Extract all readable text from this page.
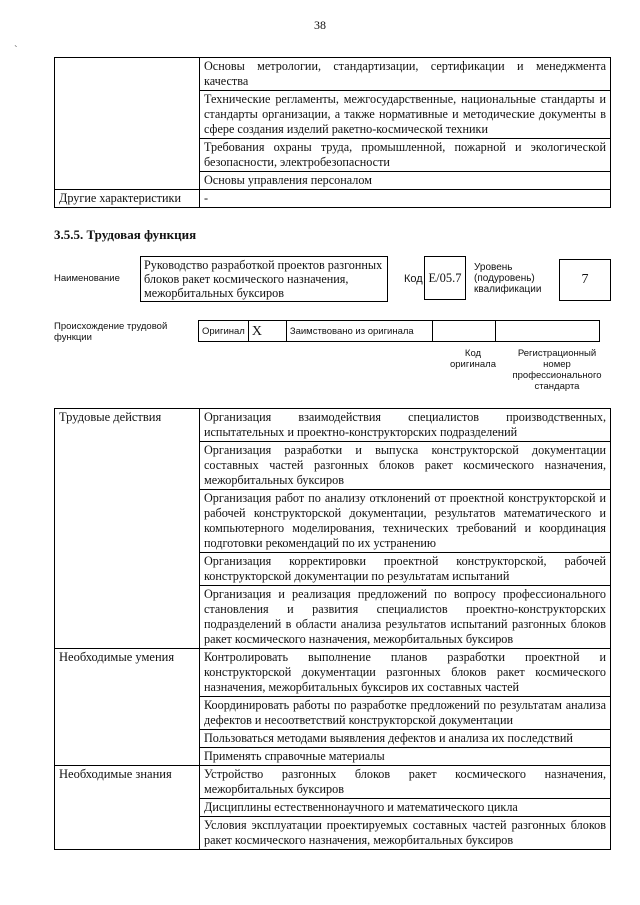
38
`
	Основы метрологии, стандартизации, сертификации и менеджмента качества
	Технические регламенты, межгосударственные, национальные стандарты и стандарты организации, а также нормативные и методические документы в сфере создания изделий ракетно-космической техники
	Требования охраны труда, промышленной, пожарной и экологической безопасности, электробезопасности
	Основы управления персоналом
Другие характеристики	-
3.5.5. Трудовая функция
Наименование
Руководство разработкой проектов разгонных блоков ракет космического назначения, межорбитальных буксиров
Код E/05.7
Уровень (подуровень) квалификации
7
Происхождение трудовой функции
Оригинал	X	Заимствовано из оригинала		
Код оригинала
Регистрационный номер профессионального стандарта
Трудовые действия	Организация взаимодействия специалистов производственных, испытательных и проектно-конструкторских подразделений
	Организация разработки и выпуска конструкторской документации составных частей разгонных блоков ракет космического назначения, межорбитальных буксиров
	Организация работ по анализу отклонений от проектной конструкторской и рабочей конструкторской документации, результатов математического и компьютерного моделирования, технических требований и координация подготовки рекомендаций по их устранению
	Организация корректировки проектной конструкторской, рабочей конструкторской документации по результатам испытаний
	Организация и реализация предложений по вопросу профессионального становления и развития специалистов проектно-конструкторских подразделений в области анализа результатов испытаний разгонных блоков ракет космического назначения, межорбитальных буксиров
Необходимые умения	Контролировать выполнение планов разработки проектной и конструкторской документации разгонных блоков ракет космического назначения, межорбитальных буксиров их составных частей
	Координировать работы по разработке предложений по результатам анализа дефектов и несоответствий конструкторской документации
	Пользоваться методами выявления дефектов и анализа их последствий
	Применять справочные материалы
Необходимые знания	Устройство разгонных блоков ракет космического назначения, межорбитальных буксиров
	Дисциплины естественнонаучного и математического цикла
	Условия эксплуатации проектируемых составных частей разгонных блоков ракет космического назначения, межорбитальных буксиров
